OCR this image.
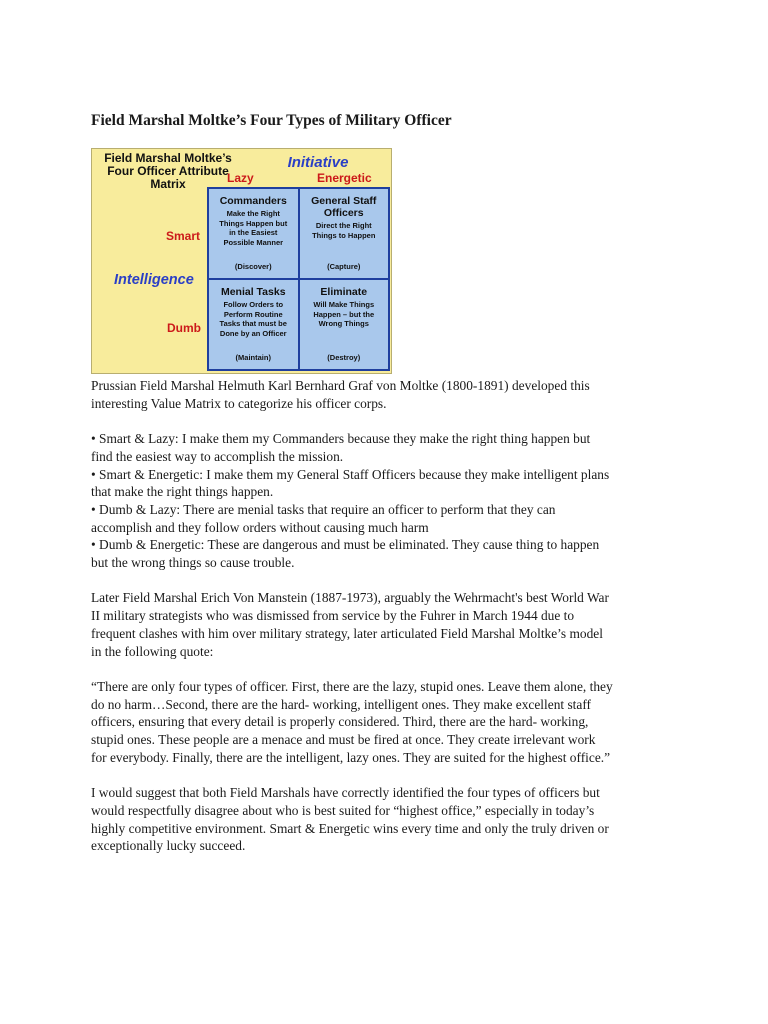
Field Marshal Moltke’s Four Types of Military Officer
Field Marshal Moltke’s
Four Officer Attribute
Matrix
Initiative
Lazy	Energetic
Smart
Intelligence
Dumb
Commanders
Make the Right
Things Happen but
in the Easiest
Possible Manner
(Discover)
General Staff
Officers
Direct the Right
Things to Happen
(Capture)
Menial Tasks
Follow Orders to
Perform Routine
Tasks that must be
Done by an Officer
(Maintain)
Eliminate
Will Make Things
Happen – but the
Wrong Things
(Destroy)

Prussian Field Marshal Helmuth Karl Bernhard Graf von Moltke (1800-1891) developed this
interesting Value Matrix to categorize his officer corps.

• Smart & Lazy: I make them my Commanders because they make the right thing happen but
find the easiest way to accomplish the mission.
• Smart & Energetic: I make them my General Staff Officers because they make intelligent plans
that make the right things happen.
• Dumb & Lazy: There are menial tasks that require an officer to perform that they can
accomplish and they follow orders without causing much harm
• Dumb & Energetic: These are dangerous and must be eliminated. They cause thing to happen
but the wrong things so cause trouble.

Later Field Marshal Erich Von Manstein (1887-1973), arguably the Wehrmacht's best World War
II military strategists who was dismissed from service by the Fuhrer in March 1944 due to
frequent clashes with him over military strategy, later articulated Field Marshal Moltke’s model
in the following quote:

“There are only four types of officer. First, there are the lazy, stupid ones. Leave them alone, they
do no harm…Second, there are the hard- working, intelligent ones. They make excellent staff
officers, ensuring that every detail is properly considered. Third, there are the hard- working,
stupid ones. These people are a menace and must be fired at once. They create irrelevant work
for everybody. Finally, there are the intelligent, lazy ones. They are suited for the highest office.”

I would suggest that both Field Marshals have correctly identified the four types of officers but
would respectfully disagree about who is best suited for “highest office,” especially in today’s
highly competitive environment. Smart & Energetic wins every time and only the truly driven or
exceptionally lucky succeed.
